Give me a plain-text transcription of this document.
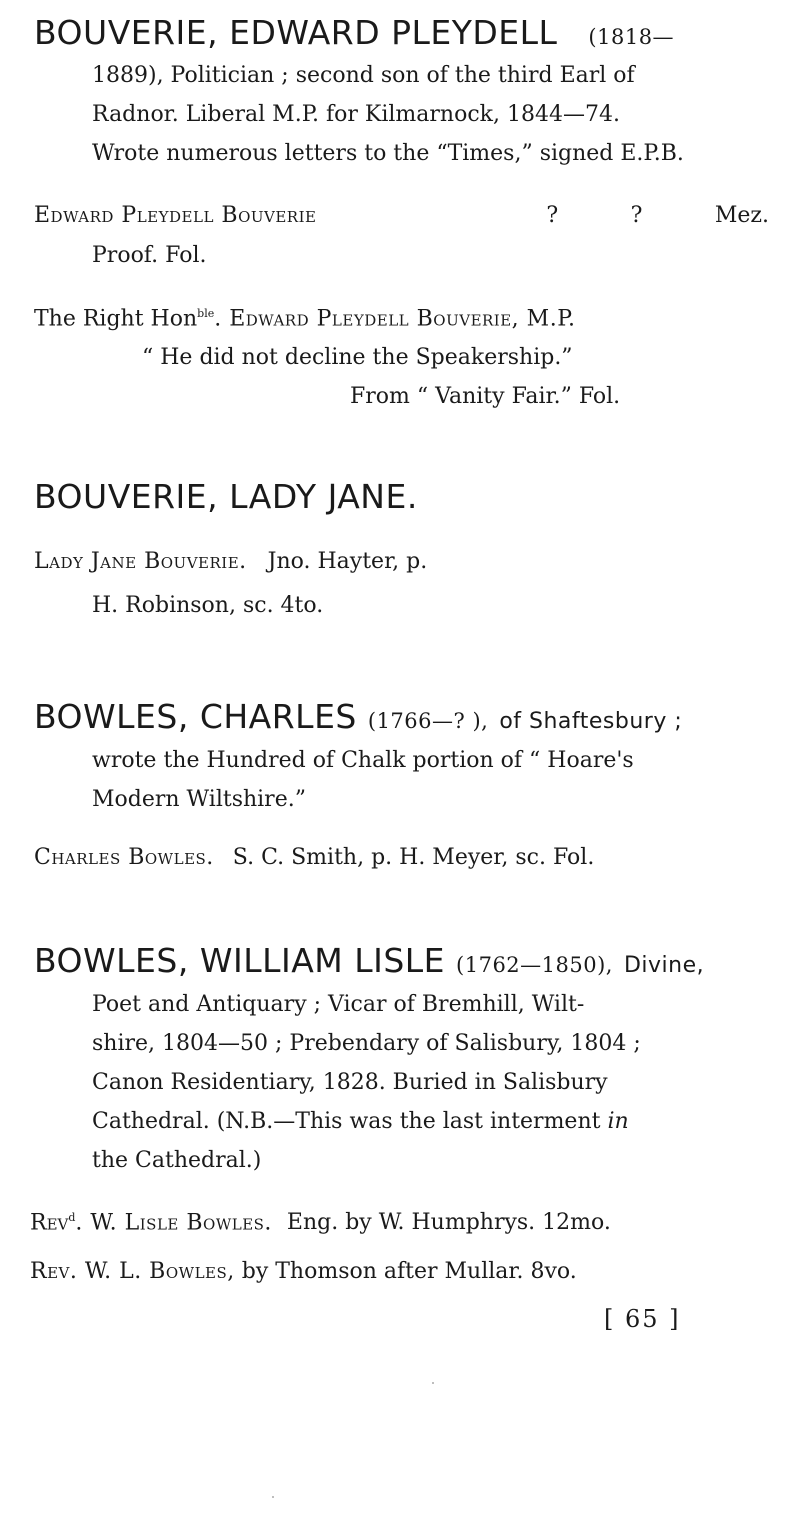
BOUVERIE, EDWARD PLEYDELL (1818—
1889), Politician ; second son of the third Earl of
Radnor. Liberal M.P. for Kilmarnock, 1844—74.
Wrote numerous letters to the “Times,” signed E.P.B.
Edward Pleydell Bouverie	?	?	Mez.
Proof. Fol.
The Right Hon$^{ble}$. Edward Pleydell Bouverie, M.P.
“ He did not decline the Speakership.”
From “ Vanity Fair.” Fol.
BOUVERIE, LADY JANE.
Lady Jane Bouverie. Jno. Hayter, p.
H. Robinson, sc. 4to.
BOWLES, CHARLES (1766—? ), of Shaftesbury ;
wrote the Hundred of Chalk portion of “ Hoare's
Modern Wiltshire.”
Charles Bowles. S. C. Smith, p. H. Meyer, sc. Fol.
BOWLES, WILLIAM LISLE (1762—1850), Divine,
Poet and Antiquary ; Vicar of Bremhill, Wilt-
shire, 1804—50 ; Prebendary of Salisbury, 1804 ;
Canon Residentiary, 1828. Buried in Salisbury
Cathedral. (N.B.—This was the last interment in
the Cathedral.)
Rev$^d$. W. Lisle Bowles. Eng. by W. Humphrys. 12mo.
Rev. W. L. Bowles, by Thomson after Mullar. 8vo.
[ 65 ]
